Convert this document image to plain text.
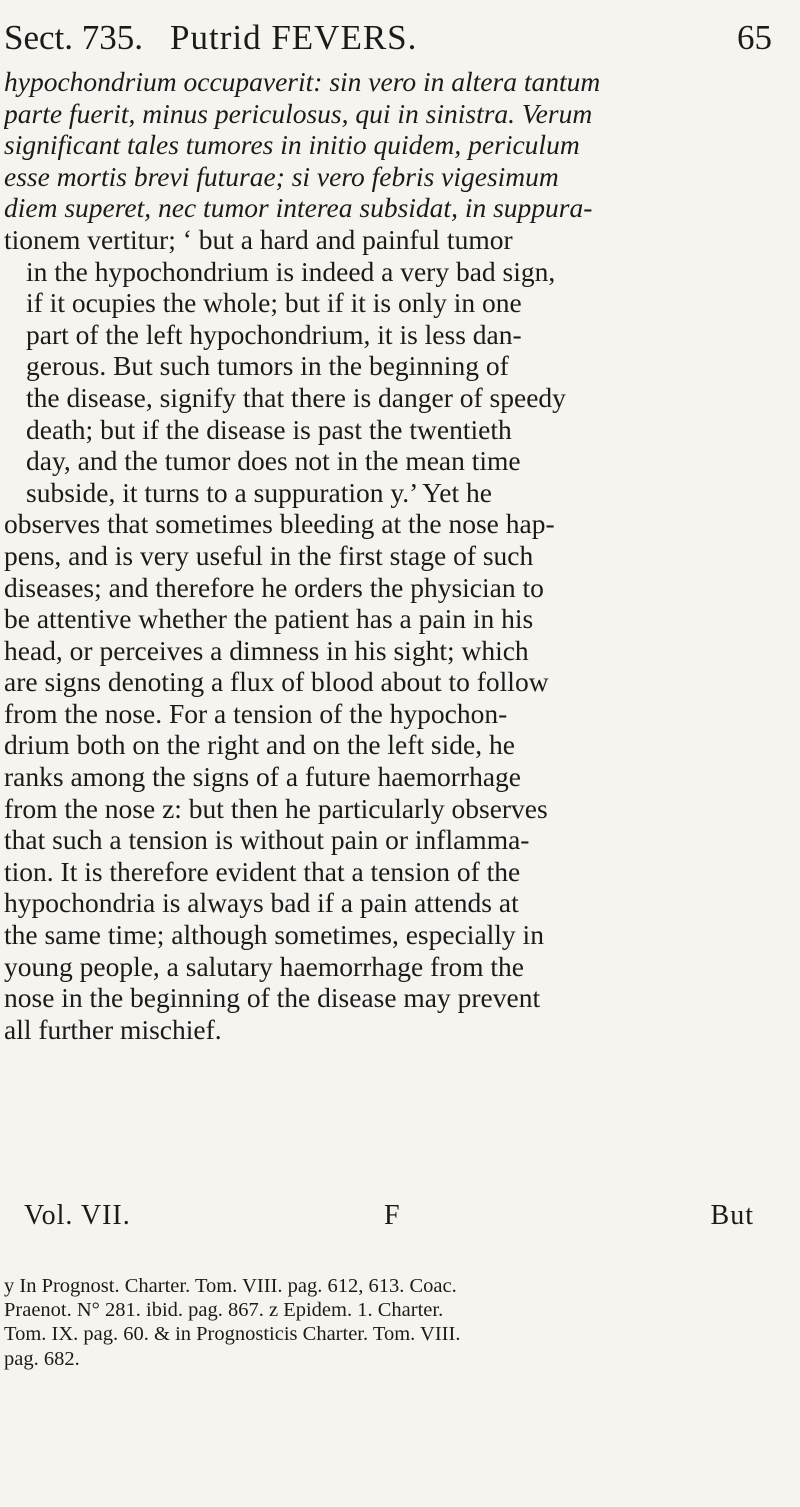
Sect. 735. Putrid FEVERS.	65
hypochondrium occupaverit: sin vero in altera tantum
parte fuerit, minus periculosus, qui in sinistra. Verum
significant tales tumores in initio quidem, periculum
esse mortis brevi futurae; si vero febris vigesimum
diem superet, nec tumor interea subsidat, in suppura-
tionem vertitur; ‘ but a hard and painful tumor
in the hypochondrium is indeed a very bad sign,
if it ocupies the whole; but if it is only in one
part of the left hypochondrium, it is less dan-
gerous. But such tumors in the beginning of
the disease, signify that there is danger of speedy
death; but if the disease is past the twentieth
day, and the tumor does not in the mean time
subside, it turns to a suppuration y.’ Yet he
observes that sometimes bleeding at the nose hap-
pens, and is very useful in the first stage of such
diseases; and therefore he orders the physician to
be attentive whether the patient has a pain in his
head, or perceives a dimness in his sight; which
are signs denoting a flux of blood about to follow
from the nose. For a tension of the hypochon-
drium both on the right and on the left side, he
ranks among the signs of a future haemorrhage
from the nose z: but then he particularly observes
that such a tension is without pain or inflamma-
tion. It is therefore evident that a tension of the
hypochondria is always bad if a pain attends at
the same time; although sometimes, especially in
young people, a salutary haemorrhage from the
nose in the beginning of the disease may prevent
all further mischief.
Vol. VII.	F	But
y In Prognost. Charter. Tom. VIII. pag. 612, 613. Coac.
Praenot. N° 281. ibid. pag. 867. z Epidem. 1. Charter.
Tom. IX. pag. 60. & in Prognosticis Charter. Tom. VIII.
pag. 682.
